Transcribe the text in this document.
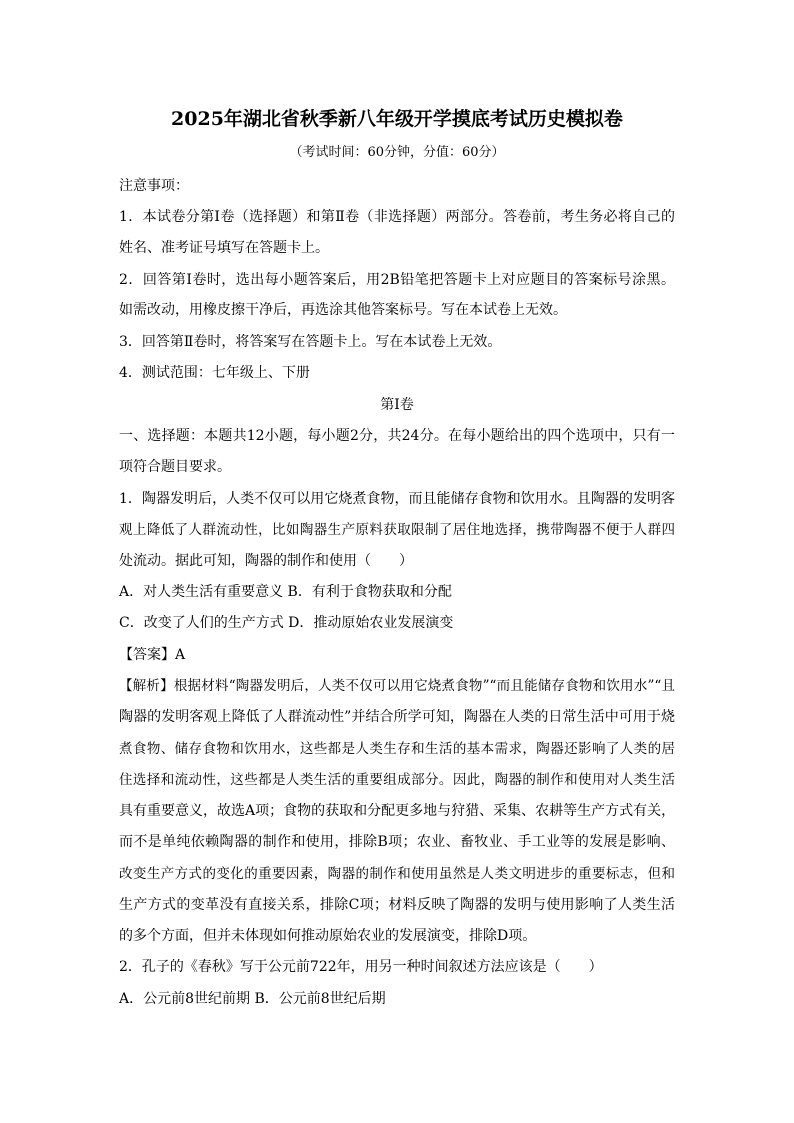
2025年湖北省秋季新八年级开学摸底考试历史模拟卷
（考试时间：60分钟，分值：60分）
注意事项：
1．本试卷分第Ⅰ卷（选择题）和第Ⅱ卷（非选择题）两部分。答卷前，考生务必将自己的
姓名、准考证号填写在答题卡上。
2．回答第Ⅰ卷时，选出每小题答案后，用2B铅笔把答题卡上对应题目的答案标号涂黑。
如需改动，用橡皮擦干净后，再选涂其他答案标号。写在本试卷上无效。
3．回答第Ⅱ卷时，将答案写在答题卡上。写在本试卷上无效。
4．测试范围：七年级上、下册
第Ⅰ卷
一、选择题：本题共12小题，每小题2分，共24分。在每小题给出的四个选项中，只有一
项符合题目要求。
1．陶器发明后，人类不仅可以用它烧煮食物，而且能储存食物和饮用水。且陶器的发明客
观上降低了人群流动性，比如陶器生产原料获取限制了居住地选择，携带陶器不便于人群四
处流动。据此可知，陶器的制作和使用（　　）
A．对人类生活有重要意义 B．有利于食物获取和分配
C．改变了人们的生产方式 D．推动原始农业发展演变
【答案】A
【解析】根据材料“陶器发明后，人类不仅可以用它烧煮食物”“而且能储存食物和饮用水”“且
陶器的发明客观上降低了人群流动性”并结合所学可知，陶器在人类的日常生活中可用于烧
煮食物、储存食物和饮用水，这些都是人类生存和生活的基本需求，陶器还影响了人类的居
住选择和流动性，这些都是人类生活的重要组成部分。因此，陶器的制作和使用对人类生活
具有重要意义，故选A项；食物的获取和分配更多地与狩猎、采集、农耕等生产方式有关，
而不是单纯依赖陶器的制作和使用，排除B项；农业、畜牧业、手工业等的发展是影响、
改变生产方式的变化的重要因素，陶器的制作和使用虽然是人类文明进步的重要标志，但和
生产方式的变革没有直接关系，排除C项；材料反映了陶器的发明与使用影响了人类生活
的多个方面，但并未体现如何推动原始农业的发展演变，排除D项。
2．孔子的《春秋》写于公元前722年，用另一种时间叙述方法应该是（　　）
A．公元前8世纪前期 B．公元前8世纪后期
